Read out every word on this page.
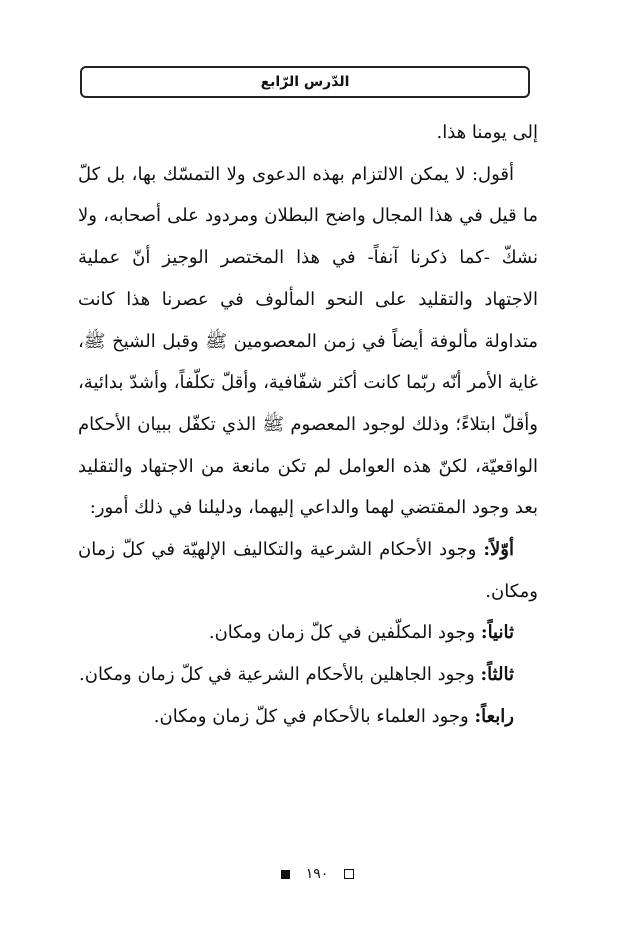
الدّرس الرّابع

إلى يومنا هذا.

أقول: لا يمكن الالتزام بهذه الدعوى ولا التمسّك بها، بل كلّ ما قيل في هذا المجال واضح البطلان ومردود على أصحابه، ولا نشكّ -كما ذكرنا آنفاً- في هذا المختصر الوجيز أنّ عملية الاجتهاد والتقليد على النحو المألوف في عصرنا هذا كانت متداولة مألوفة أيضاً في زمن المعصومين ﷺ وقبل الشيخ ﷺ، غاية الأمر أنّه ربّما كانت أكثر شفّافية، وأقلّ تكلّفاً، وأشدّ بدائية، وأقلّ ابتلاءً؛ وذلك لوجود المعصوم ﷺ الذي تكفّل ببيان الأحكام الواقعيّة، لكنّ هذه العوامل لم تكن مانعة من الاجتهاد والتقليد بعد وجود المقتضي لهما والداعي إليهما، ودليلنا في ذلك أمور:

أوّلاً: وجود الأحكام الشرعية والتكاليف الإلهيّة في كلّ زمان ومكان.

ثانياً: وجود المكلّفين في كلّ زمان ومكان.

ثالثاً: وجود الجاهلين بالأحكام الشرعية في كلّ زمان ومكان.

رابعاً: وجود العلماء بالأحكام في كلّ زمان ومكان.

١٩٠
